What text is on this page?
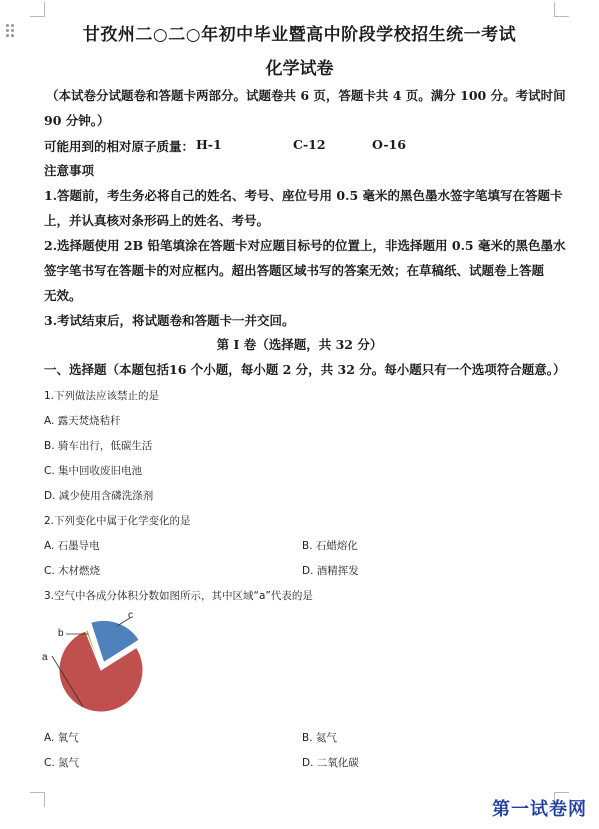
甘孜州二○二○年初中毕业暨高中阶段学校招生统一考试
化学试卷
（本试卷分试题卷和答题卡两部分。试题卷共 6 页，答题卡共 4 页。满分 100 分。考试时间
90 分钟。）
可能用到的相对原子质量： H-1	C-12	O-16
注意事项
1.答题前，考生务必将自己的姓名、考号、座位号用 0.5 毫米的黑色墨水签字笔填写在答题卡
上，并认真核对条形码上的姓名、考号。
2.选择题使用 2B 铅笔填涂在答题卡对应题目标号的位置上，非选择题用 0.5 毫米的黑色墨水
签字笔书写在答题卡的对应框内。超出答题区域书写的答案无效；在草稿纸、试题卷上答题
无效。
3.考试结束后，将试题卷和答题卡一并交回。
第 I 卷（选择题，共 32 分）
一、选择题（本题包括16 个小题，每小题 2 分，共 32 分。每小题只有一个选项符合题意。）
1.下列做法应该禁止的是
A. 露天焚烧秸秆
B. 骑车出行，低碳生活
C. 集中回收废旧电池
D. 减少使用含磷洗涤剂
2.下列变化中属于化学变化的是
A. 石墨导电	B. 石蜡熔化
C. 木材燃烧	D. 酒精挥发
3.空气中各成分体积分数如图所示，其中区域“a”代表的是
c
a
b
A. 氧气	B. 氦气
C. 氮气	D. 二氧化碳
第一试卷网
